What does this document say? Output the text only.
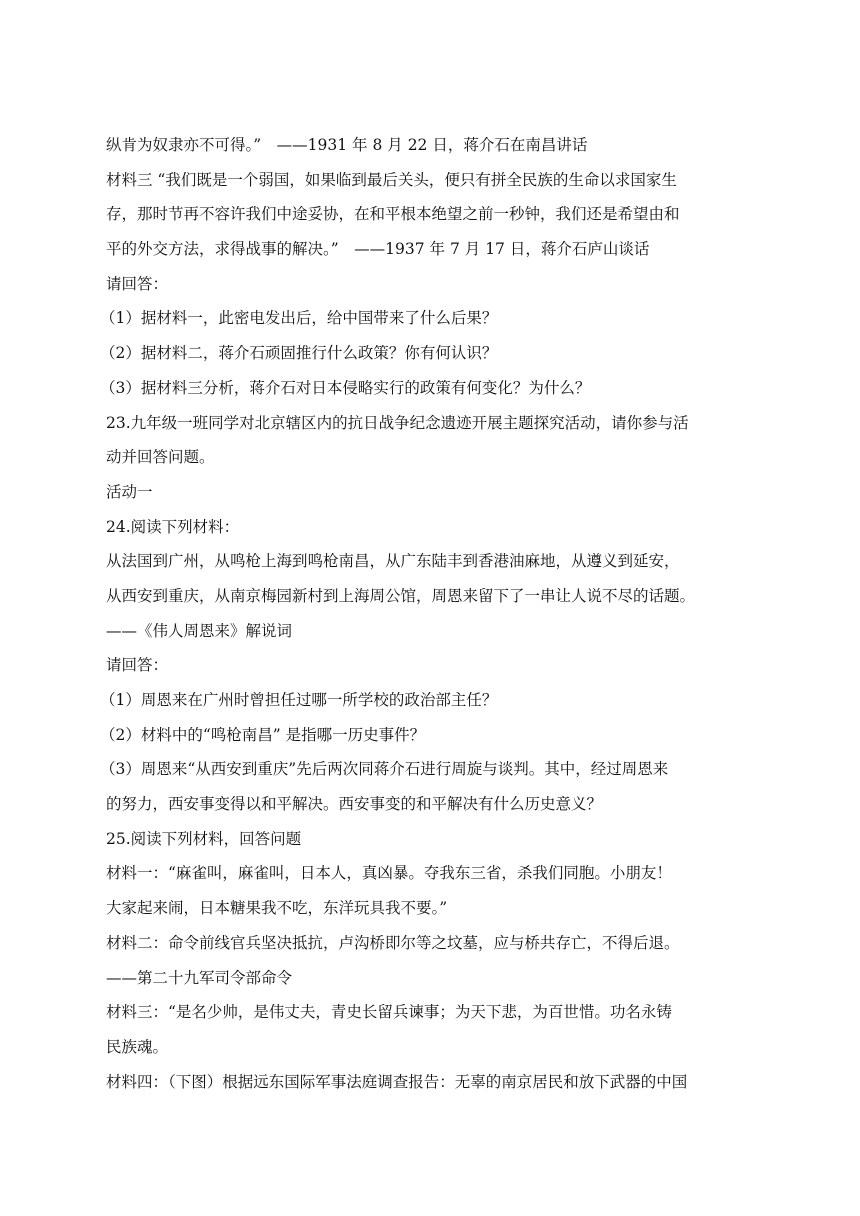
纵肯为奴隶亦不可得。”　——1931 年 8 月 22 日，蒋介石在南昌讲话
材料三 “我们既是一个弱国，如果临到最后关头，便只有拼全民族的生命以求国家生
存，那时节再不容许我们中途妥协，在和平根本绝望之前一秒钟，我们还是希望由和
平的外交方法，求得战事的解决。”　——1937 年 7 月 17 日，蒋介石庐山谈话
请回答：
（1）据材料一，此密电发出后，给中国带来了什么后果？
（2）据材料二，蒋介石顽固推行什么政策？你有何认识？
（3）据材料三分析，蒋介石对日本侵略实行的政策有何变化？为什么？
23.九年级一班同学对北京辖区内的抗日战争纪念遗迹开展主题探究活动，请你参与活
动并回答问题。
活动一
24.阅读下列材料：
从法国到广州，从鸣枪上海到鸣枪南昌，从广东陆丰到香港油麻地，从遵义到延安，
从西安到重庆，从南京梅园新村到上海周公馆，周恩来留下了一串让人说不尽的话题。
——《伟人周恩来》解说词
请回答：
（1）周恩来在广州时曾担任过哪一所学校的政治部主任？
（2）材料中的“鸣枪南昌” 是指哪一历史事件？
（3）周恩来“从西安到重庆”先后两次同蒋介石进行周旋与谈判。其中，经过周恩来
的努力，西安事变得以和平解决。西安事变的和平解决有什么历史意义？
25.阅读下列材料，回答问题
材料一：“麻雀叫，麻雀叫，日本人，真凶暴。夺我东三省，杀我们同胞。小朋友！
大家起来闹，日本糖果我不吃，东洋玩具我不要。”
材料二：命令前线官兵坚决抵抗，卢沟桥即尔等之坟墓，应与桥共存亡，不得后退。
——第二十九军司令部命令
材料三：“是名少帅，是伟丈夫，青史长留兵谏事；为天下悲，为百世惜。功名永铸
民族魂。
材料四：（下图）根据远东国际军事法庭调查报告：无辜的南京居民和放下武器的中国
